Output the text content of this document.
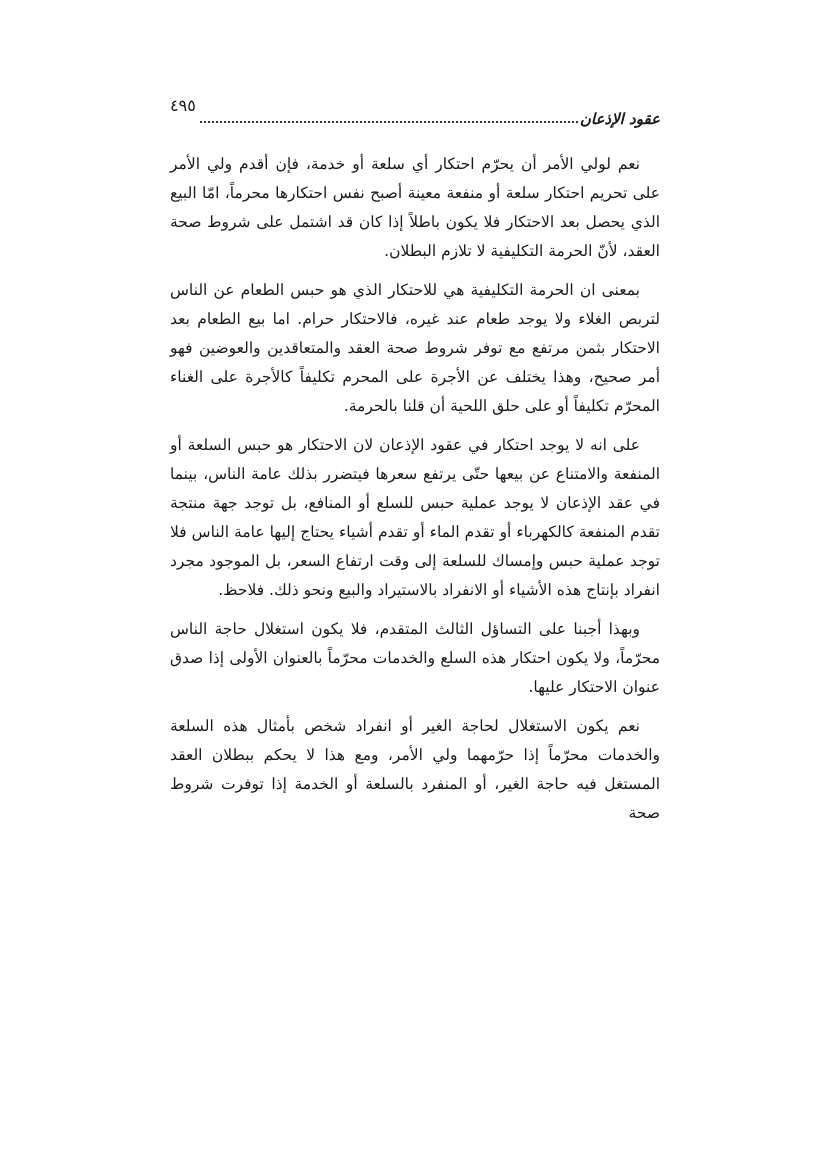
عقود الإذعان
٤٩٥

نعم لولي الأمر أن يحرّم احتكار أي سلعة أو خدمة، فإن أقدم ولي الأمر على تحريم احتكار سلعة أو منفعة معينة أصبح نفس احتكارها محرماً، امّا البيع الذي يحصل بعد الاحتكار فلا يكون باطلاً إذا كان قد اشتمل على شروط صحة العقد، لأنّ الحرمة التكليفية لا تلازم البطلان.

بمعنى ان الحرمة التكليفية هي للاحتكار الذي هو حبس الطعام عن الناس لتربص الغلاء ولا يوجد طعام عند غيره، فالاحتكار حرام. اما بيع الطعام بعد الاحتكار بثمن مرتفع مع توفر شروط صحة العقد والمتعاقدين والعوضين فهو أمر صحيح، وهذا يختلف عن الأجرة على المحرم تكليفاً كالأجرة على الغناء المحرّم تكليفاً أو على حلق اللحية أن قلنا بالحرمة.

على انه لا يوجد احتكار في عقود الإذعان لان الاحتكار هو حبس السلعة أو المنفعة والامتناع عن بيعها حتّى يرتفع سعرها فيتضرر بذلك عامة الناس، بينما في عقد الإذعان لا يوجد عملية حبس للسلع أو المنافع، بل توجد جهة منتجة تقدم المنفعة كالكهرباء أو تقدم الماء أو تقدم أشياء يحتاج إليها عامة الناس فلا توجد عملية حبس وإمساك للسلعة إلى وقت ارتفاع السعر، بل الموجود مجرد انفراد بإنتاج هذه الأشياء أو الانفراد بالاستيراد والبيع ونحو ذلك. فلاحظ.

وبهذا أجبنا على التساؤل الثالث المتقدم، فلا يكون استغلال حاجة الناس محرّماً، ولا يكون احتكار هذه السلع والخدمات محرّماً بالعنوان الأولى إذا صدق عنوان الاحتكار عليها.

نعم يكون الاستغلال لحاجة الغير أو انفراد شخص بأمثال هذه السلعة والخدمات محرّماً إذا حرّمهما ولي الأمر، ومع هذا لا يحكم ببطلان العقد المستغل فيه حاجة الغير، أو المنفرد بالسلعة أو الخدمة إذا توفرت شروط صحة
